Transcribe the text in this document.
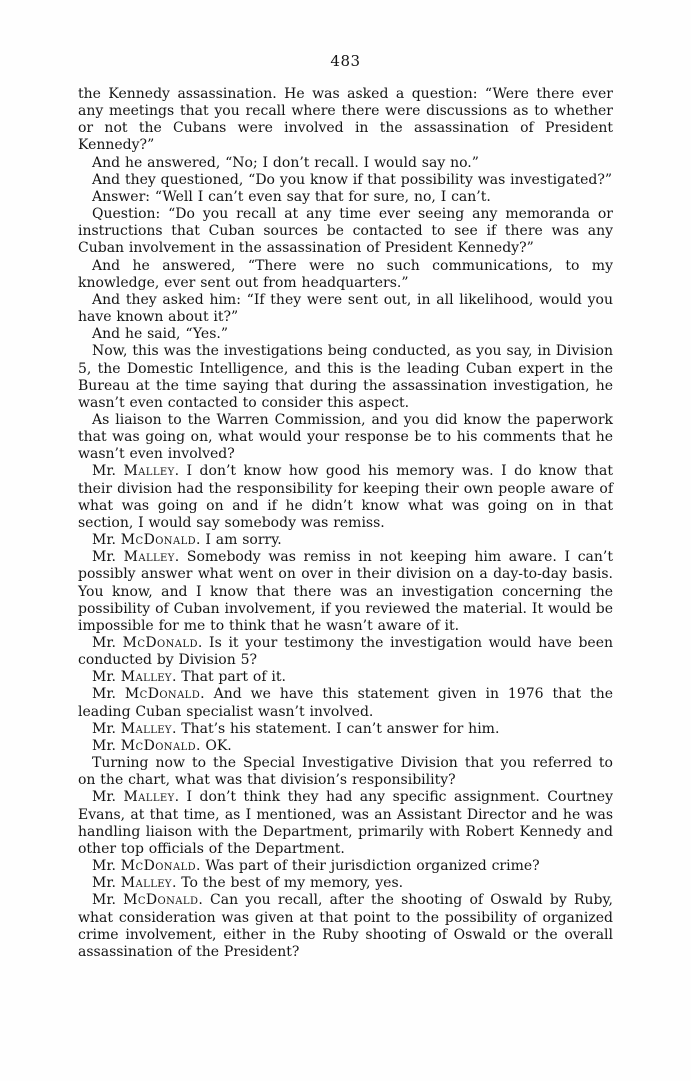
483

the Kennedy assassination. He was asked a question: “Were there ever any meetings that you recall where there were discussions as to whether or not the Cubans were involved in the assassination of President Kennedy?”

And he answered, “No; I don’t recall. I would say no.”

And they questioned, “Do you know if that possibility was investigated?”

Answer: “Well I can’t even say that for sure, no, I can’t.

Question: “Do you recall at any time ever seeing any memoranda or instructions that Cuban sources be contacted to see if there was any Cuban involvement in the assassination of President Kennedy?”

And he answered, “There were no such communications, to my knowledge, ever sent out from headquarters.”

And they asked him: “If they were sent out, in all likelihood, would you have known about it?”

And he said, “Yes.”

Now, this was the investigations being conducted, as you say, in Division 5, the Domestic Intelligence, and this is the leading Cuban expert in the Bureau at the time saying that during the assassination investigation, he wasn’t even contacted to consider this aspect.

As liaison to the Warren Commission, and you did know the paperwork that was going on, what would your response be to his comments that he wasn’t even involved?

Mr. Malley. I don’t know how good his memory was. I do know that their division had the responsibility for keeping their own people aware of what was going on and if he didn’t know what was going on in that section, I would say somebody was remiss.

Mr. McDonald. I am sorry.

Mr. Malley. Somebody was remiss in not keeping him aware. I can’t possibly answer what went on over in their division on a day-to-day basis. You know, and I know that there was an investigation concerning the possibility of Cuban involvement, if you reviewed the material. It would be impossible for me to think that he wasn’t aware of it.

Mr. McDonald. Is it your testimony the investigation would have been conducted by Division 5?

Mr. Malley. That part of it.

Mr. McDonald. And we have this statement given in 1976 that the leading Cuban specialist wasn’t involved.

Mr. Malley. That’s his statement. I can’t answer for him.

Mr. McDonald. OK.

Turning now to the Special Investigative Division that you referred to on the chart, what was that division’s responsibility?

Mr. Malley. I don’t think they had any specific assignment. Courtney Evans, at that time, as I mentioned, was an Assistant Director and he was handling liaison with the Department, primarily with Robert Kennedy and other top officials of the Department.

Mr. McDonald. Was part of their jurisdiction organized crime?

Mr. Malley. To the best of my memory, yes.

Mr. McDonald. Can you recall, after the shooting of Oswald by Ruby, what consideration was given at that point to the possibility of organized crime involvement, either in the Ruby shooting of Oswald or the overall assassination of the President?
